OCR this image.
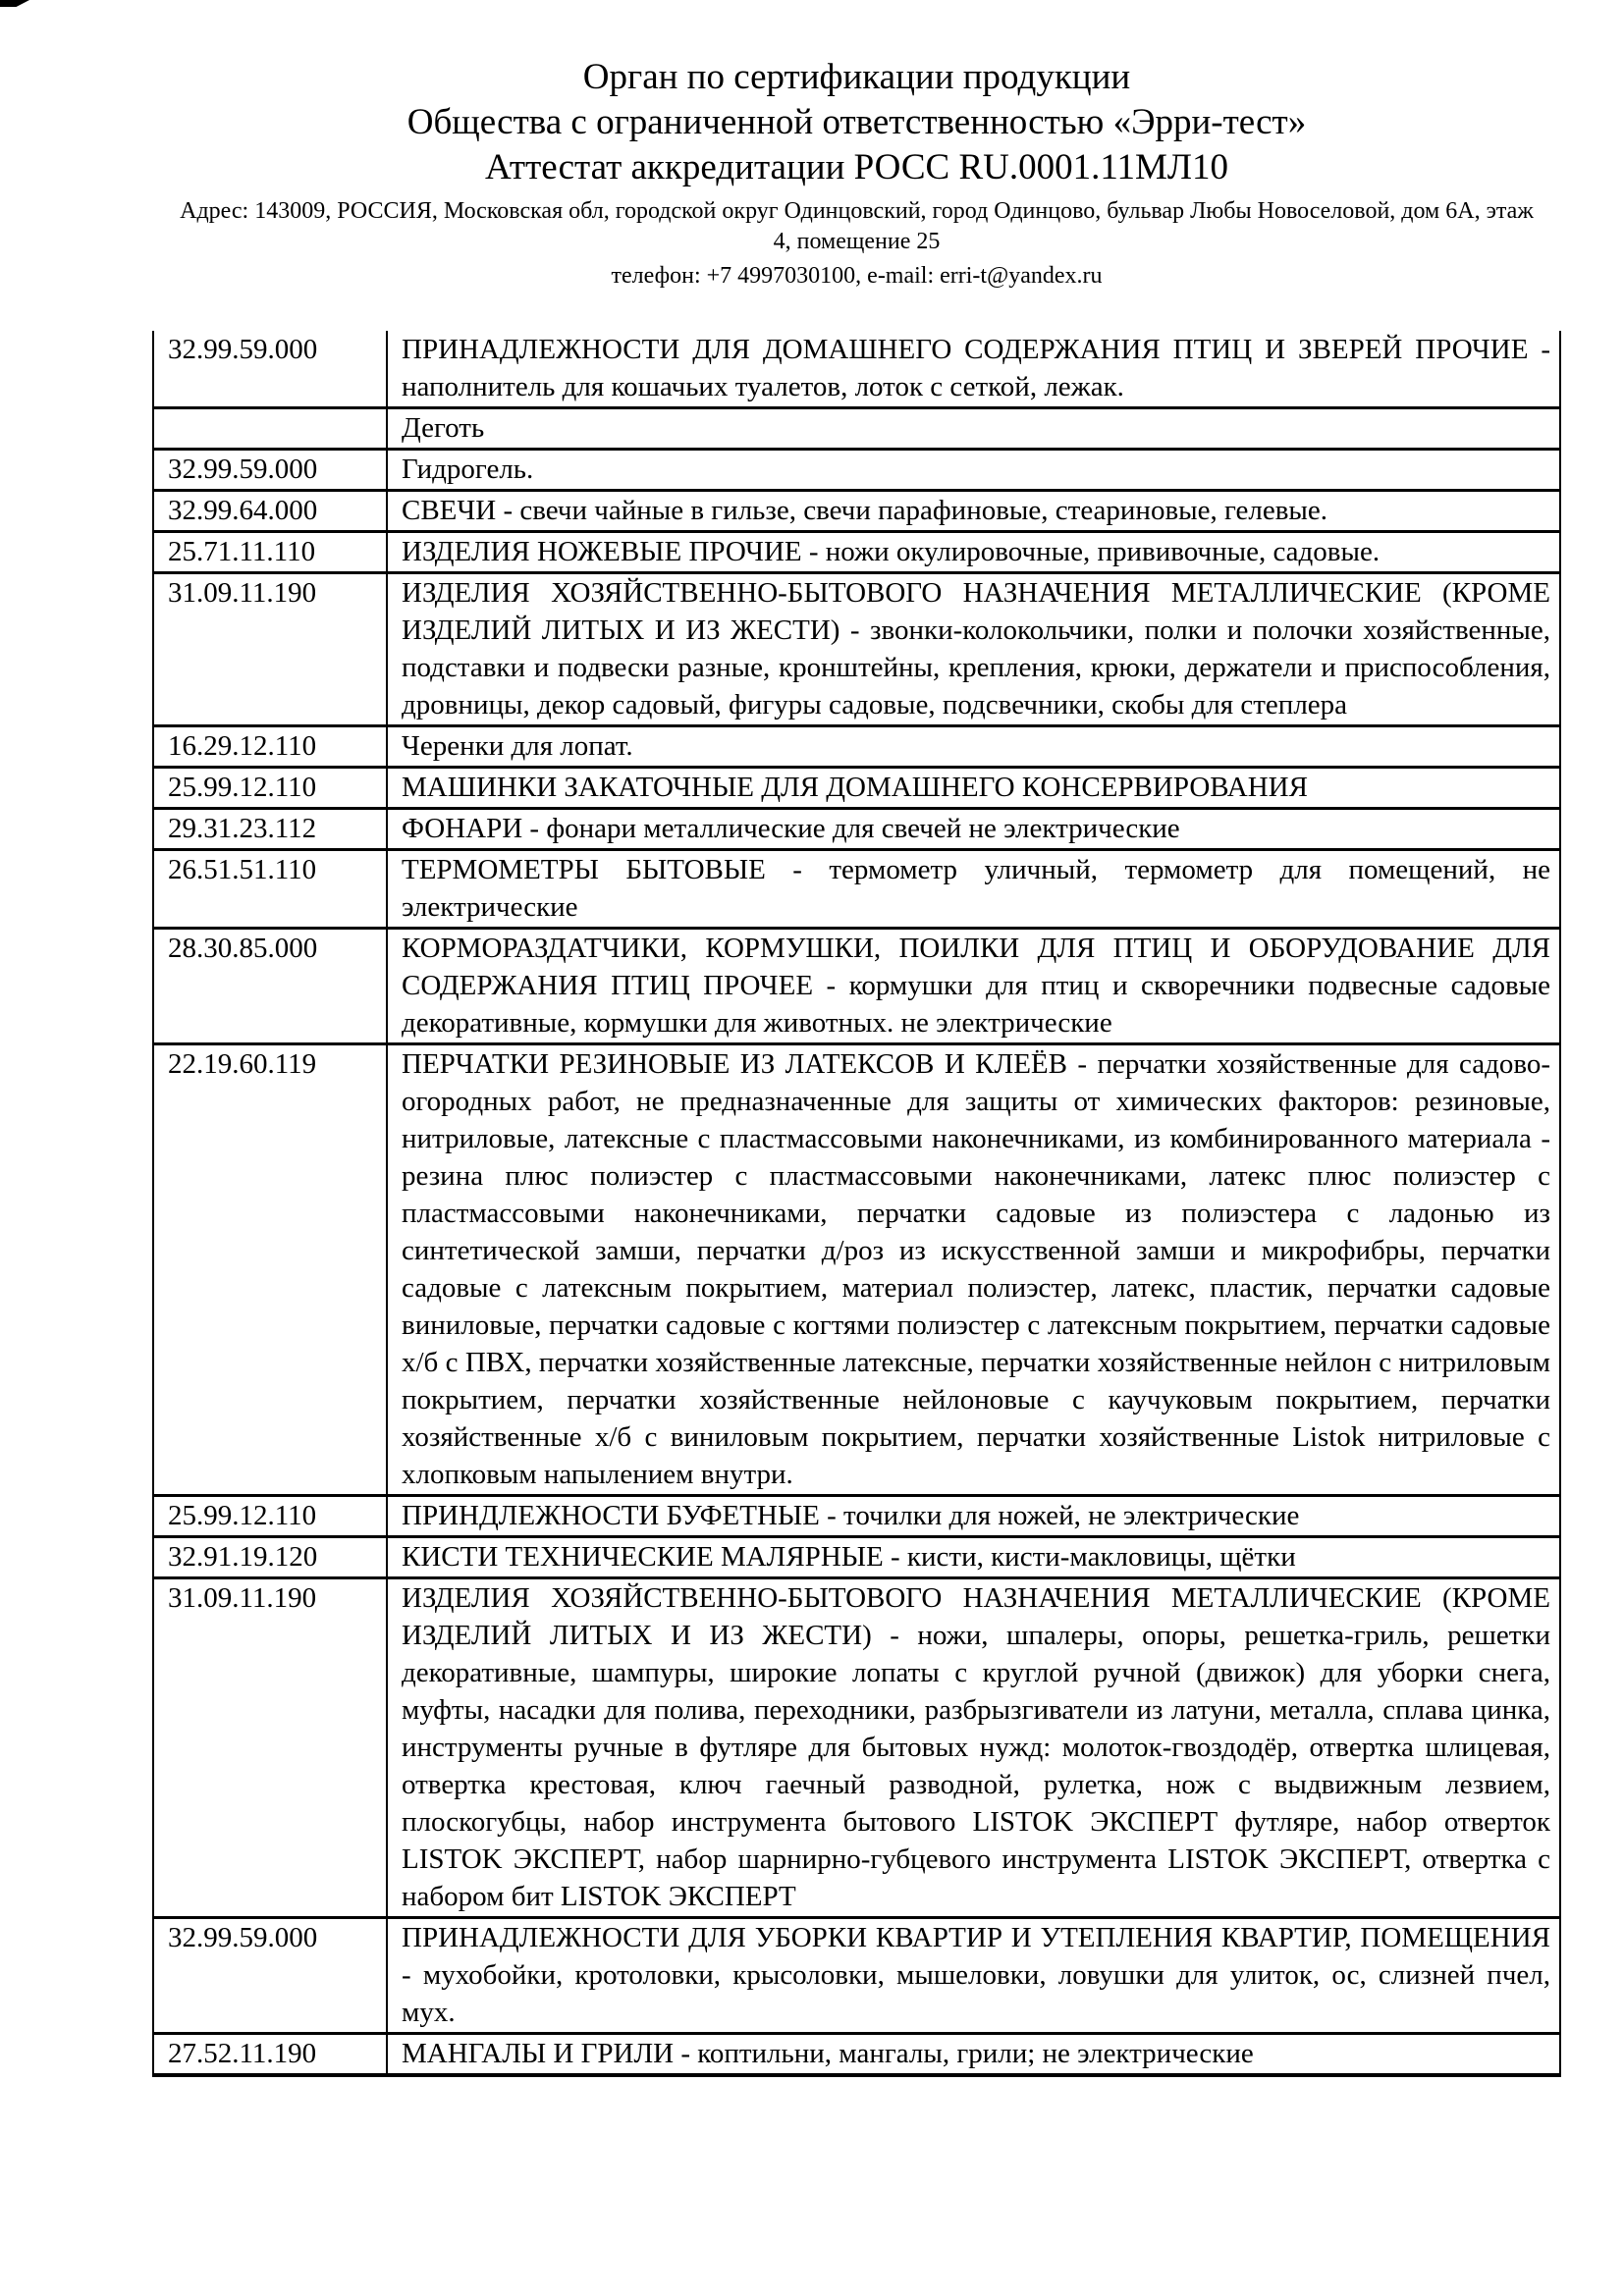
Орган по сертификации продукции
Общества с ограниченной ответственностью «Эрри-тест»
Аттестат аккредитации РОСС RU.0001.11МЛ10
Адрес: 143009, РОССИЯ, Московская обл, городской округ Одинцовский, город Одинцово, бульвар Любы Новоселовой, дом 6А, этаж 4, помещение 25
телефон: +7 4997030100, e-mail: erri-t@yandex.ru
32.99.59.000	ПРИНАДЛЕЖНОСТИ ДЛЯ ДОМАШНЕГО СОДЕРЖАНИЯ ПТИЦ И ЗВЕРЕЙ ПРОЧИЕ - наполнитель для кошачьих туалетов, лоток с сеткой, лежак.
	Деготь
32.99.59.000	Гидрогель.
32.99.64.000	СВЕЧИ - свечи чайные в гильзе, свечи парафиновые, стеариновые, гелевые.
25.71.11.110	ИЗДЕЛИЯ НОЖЕВЫЕ ПРОЧИЕ - ножи окулировочные, прививочные, садовые.
31.09.11.190	ИЗДЕЛИЯ ХОЗЯЙСТВЕННО-БЫТОВОГО НАЗНАЧЕНИЯ МЕТАЛЛИЧЕСКИЕ (КРОМЕ ИЗДЕЛИЙ ЛИТЫХ И ИЗ ЖЕСТИ) - звонки-колокольчики, полки и полочки хозяйственные, подставки и подвески разные, кронштейны, крепления, крюки, держатели и приспособления, дровницы, декор садовый, фигуры садовые, подсвечники, скобы для степлера
16.29.12.110	Черенки для лопат.
25.99.12.110	МАШИНКИ ЗАКАТОЧНЫЕ ДЛЯ ДОМАШНЕГО КОНСЕРВИРОВАНИЯ
29.31.23.112	ФОНАРИ - фонари металлические для свечей не электрические
26.51.51.110	ТЕРМОМЕТРЫ БЫТОВЫЕ - термометр уличный, термометр для помещений, не электрические
28.30.85.000	КОРМОРАЗДАТЧИКИ, КОРМУШКИ, ПОИЛКИ ДЛЯ ПТИЦ И ОБОРУДОВАНИЕ ДЛЯ СОДЕРЖАНИЯ ПТИЦ ПРОЧЕЕ - кормушки для птиц и скворечники подвесные садовые декоративные, кормушки для животных. не электрические
22.19.60.119	ПЕРЧАТКИ РЕЗИНОВЫЕ ИЗ ЛАТЕКСОВ И КЛЕЁВ - перчатки хозяйственные для садово-огородных работ, не предназначенные для защиты от химических факторов: резиновые, нитриловые, латексные с пластмассовыми наконечниками, из комбинированного материала - резина плюс полиэстер с пластмассовыми наконечниками, латекс плюс полиэстер с пластмассовыми наконечниками, перчатки садовые из полиэстера с ладонью из синтетической замши, перчатки д/роз из искусственной замши и микрофибры, перчатки садовые с латексным покрытием, материал полиэстер, латекс, пластик, перчатки садовые виниловые, перчатки садовые с когтями полиэстер с латексным покрытием, перчатки садовые х/б с ПВХ, перчатки хозяйственные латексные, перчатки хозяйственные нейлон с нитриловым покрытием, перчатки хозяйственные нейлоновые с каучуковым покрытием, перчатки хозяйственные х/б с виниловым покрытием, перчатки хозяйственные Listok нитриловые с хлопковым напылением внутри.
25.99.12.110	ПРИНДЛЕЖНОСТИ БУФЕТНЫЕ - точилки для ножей, не электрические
32.91.19.120	КИСТИ ТЕХНИЧЕСКИЕ МАЛЯРНЫЕ - кисти, кисти-макловицы, щётки
31.09.11.190	ИЗДЕЛИЯ ХОЗЯЙСТВЕННО-БЫТОВОГО НАЗНАЧЕНИЯ МЕТАЛЛИЧЕСКИЕ (КРОМЕ ИЗДЕЛИЙ ЛИТЫХ И ИЗ ЖЕСТИ) - ножи, шпалеры, опоры, решетка-гриль, решетки декоративные, шампуры, широкие лопаты с круглой ручной (движок) для уборки снега, муфты, насадки для полива, переходники, разбрызгиватели из латуни, металла, сплава цинка, инструменты ручные в футляре для бытовых нужд: молоток-гвоздодёр, отвертка шлицевая, отвертка крестовая, ключ гаечный разводной, рулетка, нож с выдвижным лезвием, плоскогубцы, набор инструмента бытового LISTOK ЭКСПЕРТ футляре, набор отверток LISTOK ЭКСПЕРТ, набор шарнирно-губцевого инструмента LISTOK ЭКСПЕРТ, отвертка с набором бит LISTOK ЭКСПЕРТ
32.99.59.000	ПРИНАДЛЕЖНОСТИ ДЛЯ УБОРКИ КВАРТИР И УТЕПЛЕНИЯ КВАРТИР, ПОМЕЩЕНИЯ - мухобойки, кротоловки, крысоловки, мышеловки, ловушки для улиток, ос, слизней пчел, мух.
27.52.11.190	МАНГАЛЫ И ГРИЛИ - коптильни, мангалы, грили; не электрические
